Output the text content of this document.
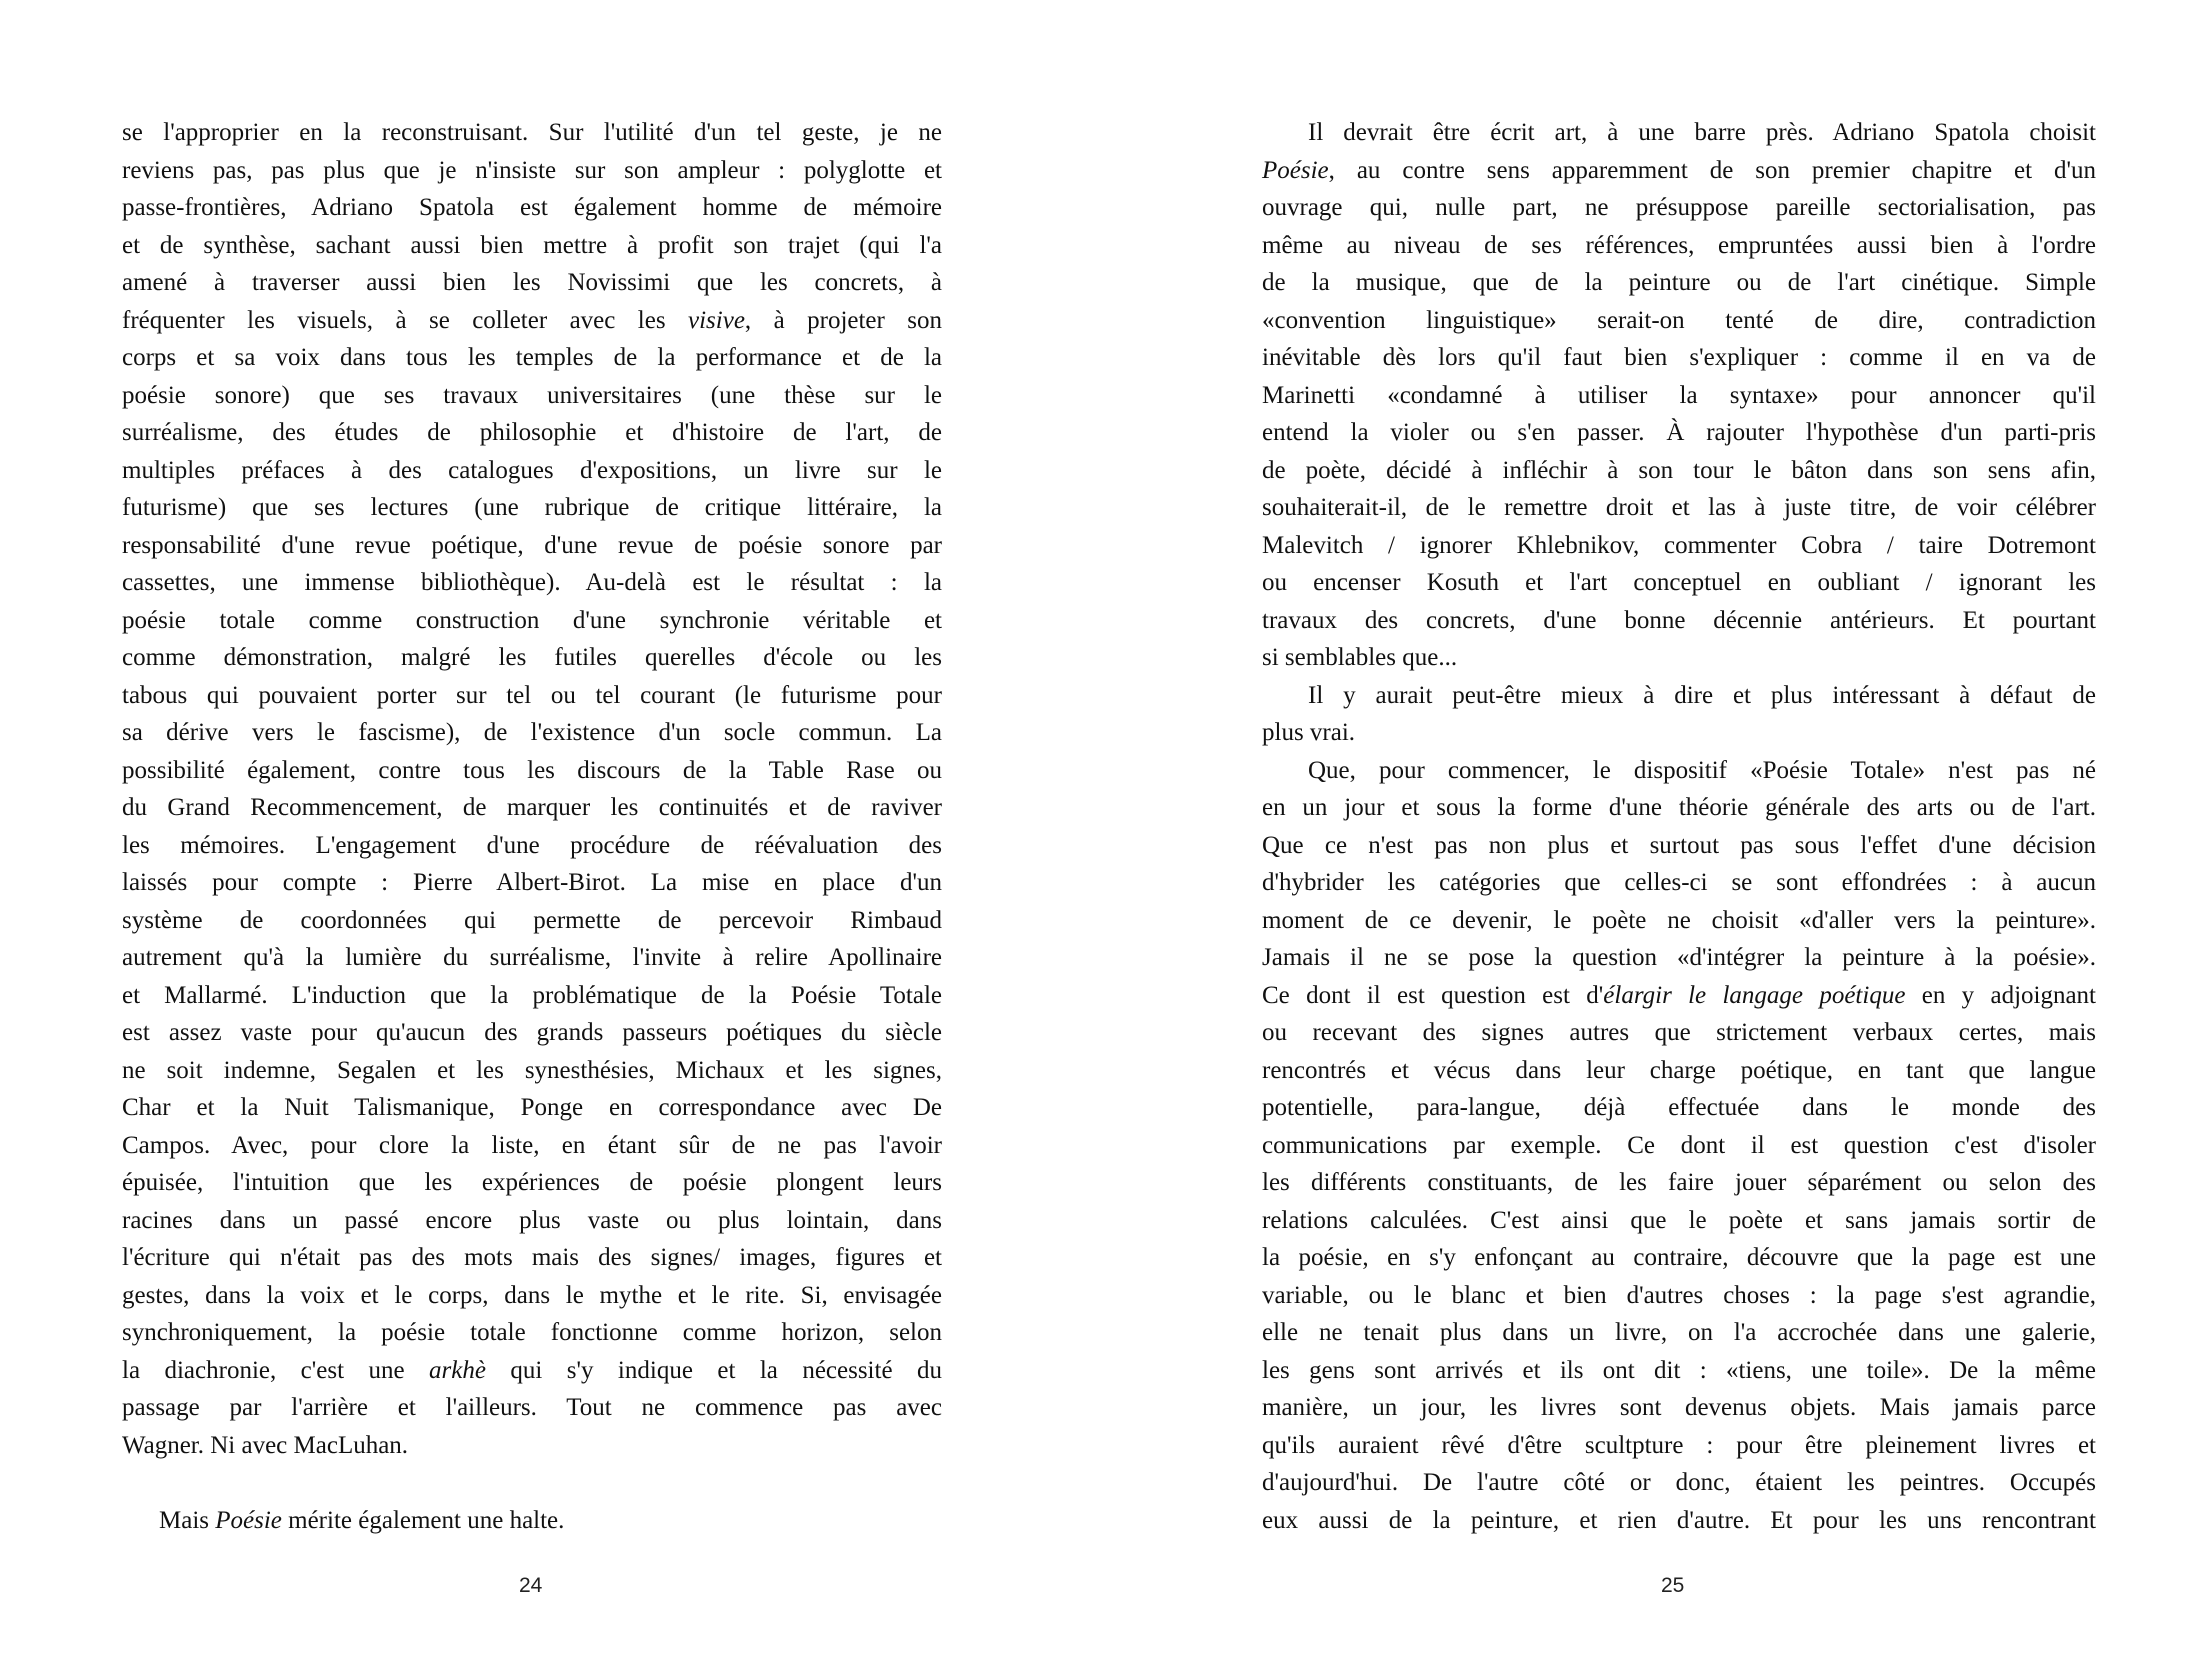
se l'approprier en la reconstruisant. Sur l'utilité d'un tel geste, je ne
reviens pas, pas plus que je n'insiste sur son ampleur : polyglotte et
passe-frontières, Adriano Spatola est également homme de mémoire
et de synthèse, sachant aussi bien mettre à profit son trajet (qui l'a
amené à traverser aussi bien les Novissimi que les concrets, à
fréquenter les visuels, à se colleter avec les visive, à projeter son
corps et sa voix dans tous les temples de la performance et de la
poésie sonore) que ses travaux universitaires (une thèse sur le
surréalisme, des études de philosophie et d'histoire de l'art, de
multiples préfaces à des catalogues d'expositions, un livre sur le
futurisme) que ses lectures (une rubrique de critique littéraire, la
responsabilité d'une revue poétique, d'une revue de poésie sonore par
cassettes, une immense bibliothèque). Au-delà est le résultat : la
poésie totale comme construction d'une synchronie véritable et
comme démonstration, malgré les futiles querelles d'école ou les
tabous qui pouvaient porter sur tel ou tel courant (le futurisme pour
sa dérive vers le fascisme), de l'existence d'un socle commun. La
possibilité également, contre tous les discours de la Table Rase ou
du Grand Recommencement, de marquer les continuités et de raviver
les mémoires. L'engagement d'une procédure de réévaluation des
laissés pour compte : Pierre Albert-Birot. La mise en place d'un
système de coordonnées qui permette de percevoir Rimbaud
autrement qu'à la lumière du surréalisme, l'invite à relire Apollinaire
et Mallarmé. L'induction que la problématique de la Poésie Totale
est assez vaste pour qu'aucun des grands passeurs poétiques du siècle
ne soit indemne, Segalen et les synesthésies, Michaux et les signes,
Char et la Nuit Talismanique, Ponge en correspondance avec De
Campos. Avec, pour clore la liste, en étant sûr de ne pas l'avoir
épuisée, l'intuition que les expériences de poésie plongent leurs
racines dans un passé encore plus vaste ou plus lointain, dans
l'écriture qui n'était pas des mots mais des signes/ images, figures et
gestes, dans la voix et le corps, dans le mythe et le rite. Si, envisagée
synchroniquement, la poésie totale fonctionne comme horizon, selon
la diachronie, c'est une arkhè qui s'y indique et la nécessité du
passage par l'arrière et l'ailleurs. Tout ne commence pas avec
Wagner. Ni avec MacLuhan.
Mais Poésie mérite également une halte.
24
Il devrait être écrit art, à une barre près. Adriano Spatola choisit
Poésie, au contre sens apparemment de son premier chapitre et d'un
ouvrage qui, nulle part, ne présuppose pareille sectorialisation, pas
même au niveau de ses références, empruntées aussi bien à l'ordre
de la musique, que de la peinture ou de l'art cinétique. Simple
«convention linguistique» serait-on tenté de dire, contradiction
inévitable dès lors qu'il faut bien s'expliquer : comme il en va de
Marinetti «condamné à utiliser la syntaxe» pour annoncer qu'il
entend la violer ou s'en passer. À rajouter l'hypothèse d'un parti-pris
de poète, décidé à infléchir à son tour le bâton dans son sens afin,
souhaiterait-il, de le remettre droit et las à juste titre, de voir célébrer
Malevitch / ignorer Khlebnikov, commenter Cobra / taire Dotremont
ou encenser Kosuth et l'art conceptuel en oubliant / ignorant les
travaux des concrets, d'une bonne décennie antérieurs. Et pourtant
si semblables que...
Il y aurait peut-être mieux à dire et plus intéressant à défaut de
plus vrai.
Que, pour commencer, le dispositif «Poésie Totale» n'est pas né
en un jour et sous la forme d'une théorie générale des arts ou de l'art.
Que ce n'est pas non plus et surtout pas sous l'effet d'une décision
d'hybrider les catégories que celles-ci se sont effondrées : à aucun
moment de ce devenir, le poète ne choisit «d'aller vers la peinture».
Jamais il ne se pose la question «d'intégrer la peinture à la poésie».
Ce dont il est question est d'élargir le langage poétique en y adjoignant
ou recevant des signes autres que strictement verbaux certes, mais
rencontrés et vécus dans leur charge poétique, en tant que langue
potentielle, para-langue, déjà effectuée dans le monde des
communications par exemple. Ce dont il est question c'est d'isoler
les différents constituants, de les faire jouer séparément ou selon des
relations calculées. C'est ainsi que le poète et sans jamais sortir de
la poésie, en s'y enfonçant au contraire, découvre que la page est une
variable, ou le blanc et bien d'autres choses : la page s'est agrandie,
elle ne tenait plus dans un livre, on l'a accrochée dans une galerie,
les gens sont arrivés et ils ont dit : «tiens, une toile». De la même
manière, un jour, les livres sont devenus objets. Mais jamais parce
qu'ils auraient rêvé d'être scultpture : pour être pleinement livres et
d'aujourd'hui. De l'autre côté or donc, étaient les peintres. Occupés
eux aussi de la peinture, et rien d'autre. Et pour les uns rencontrant
25
